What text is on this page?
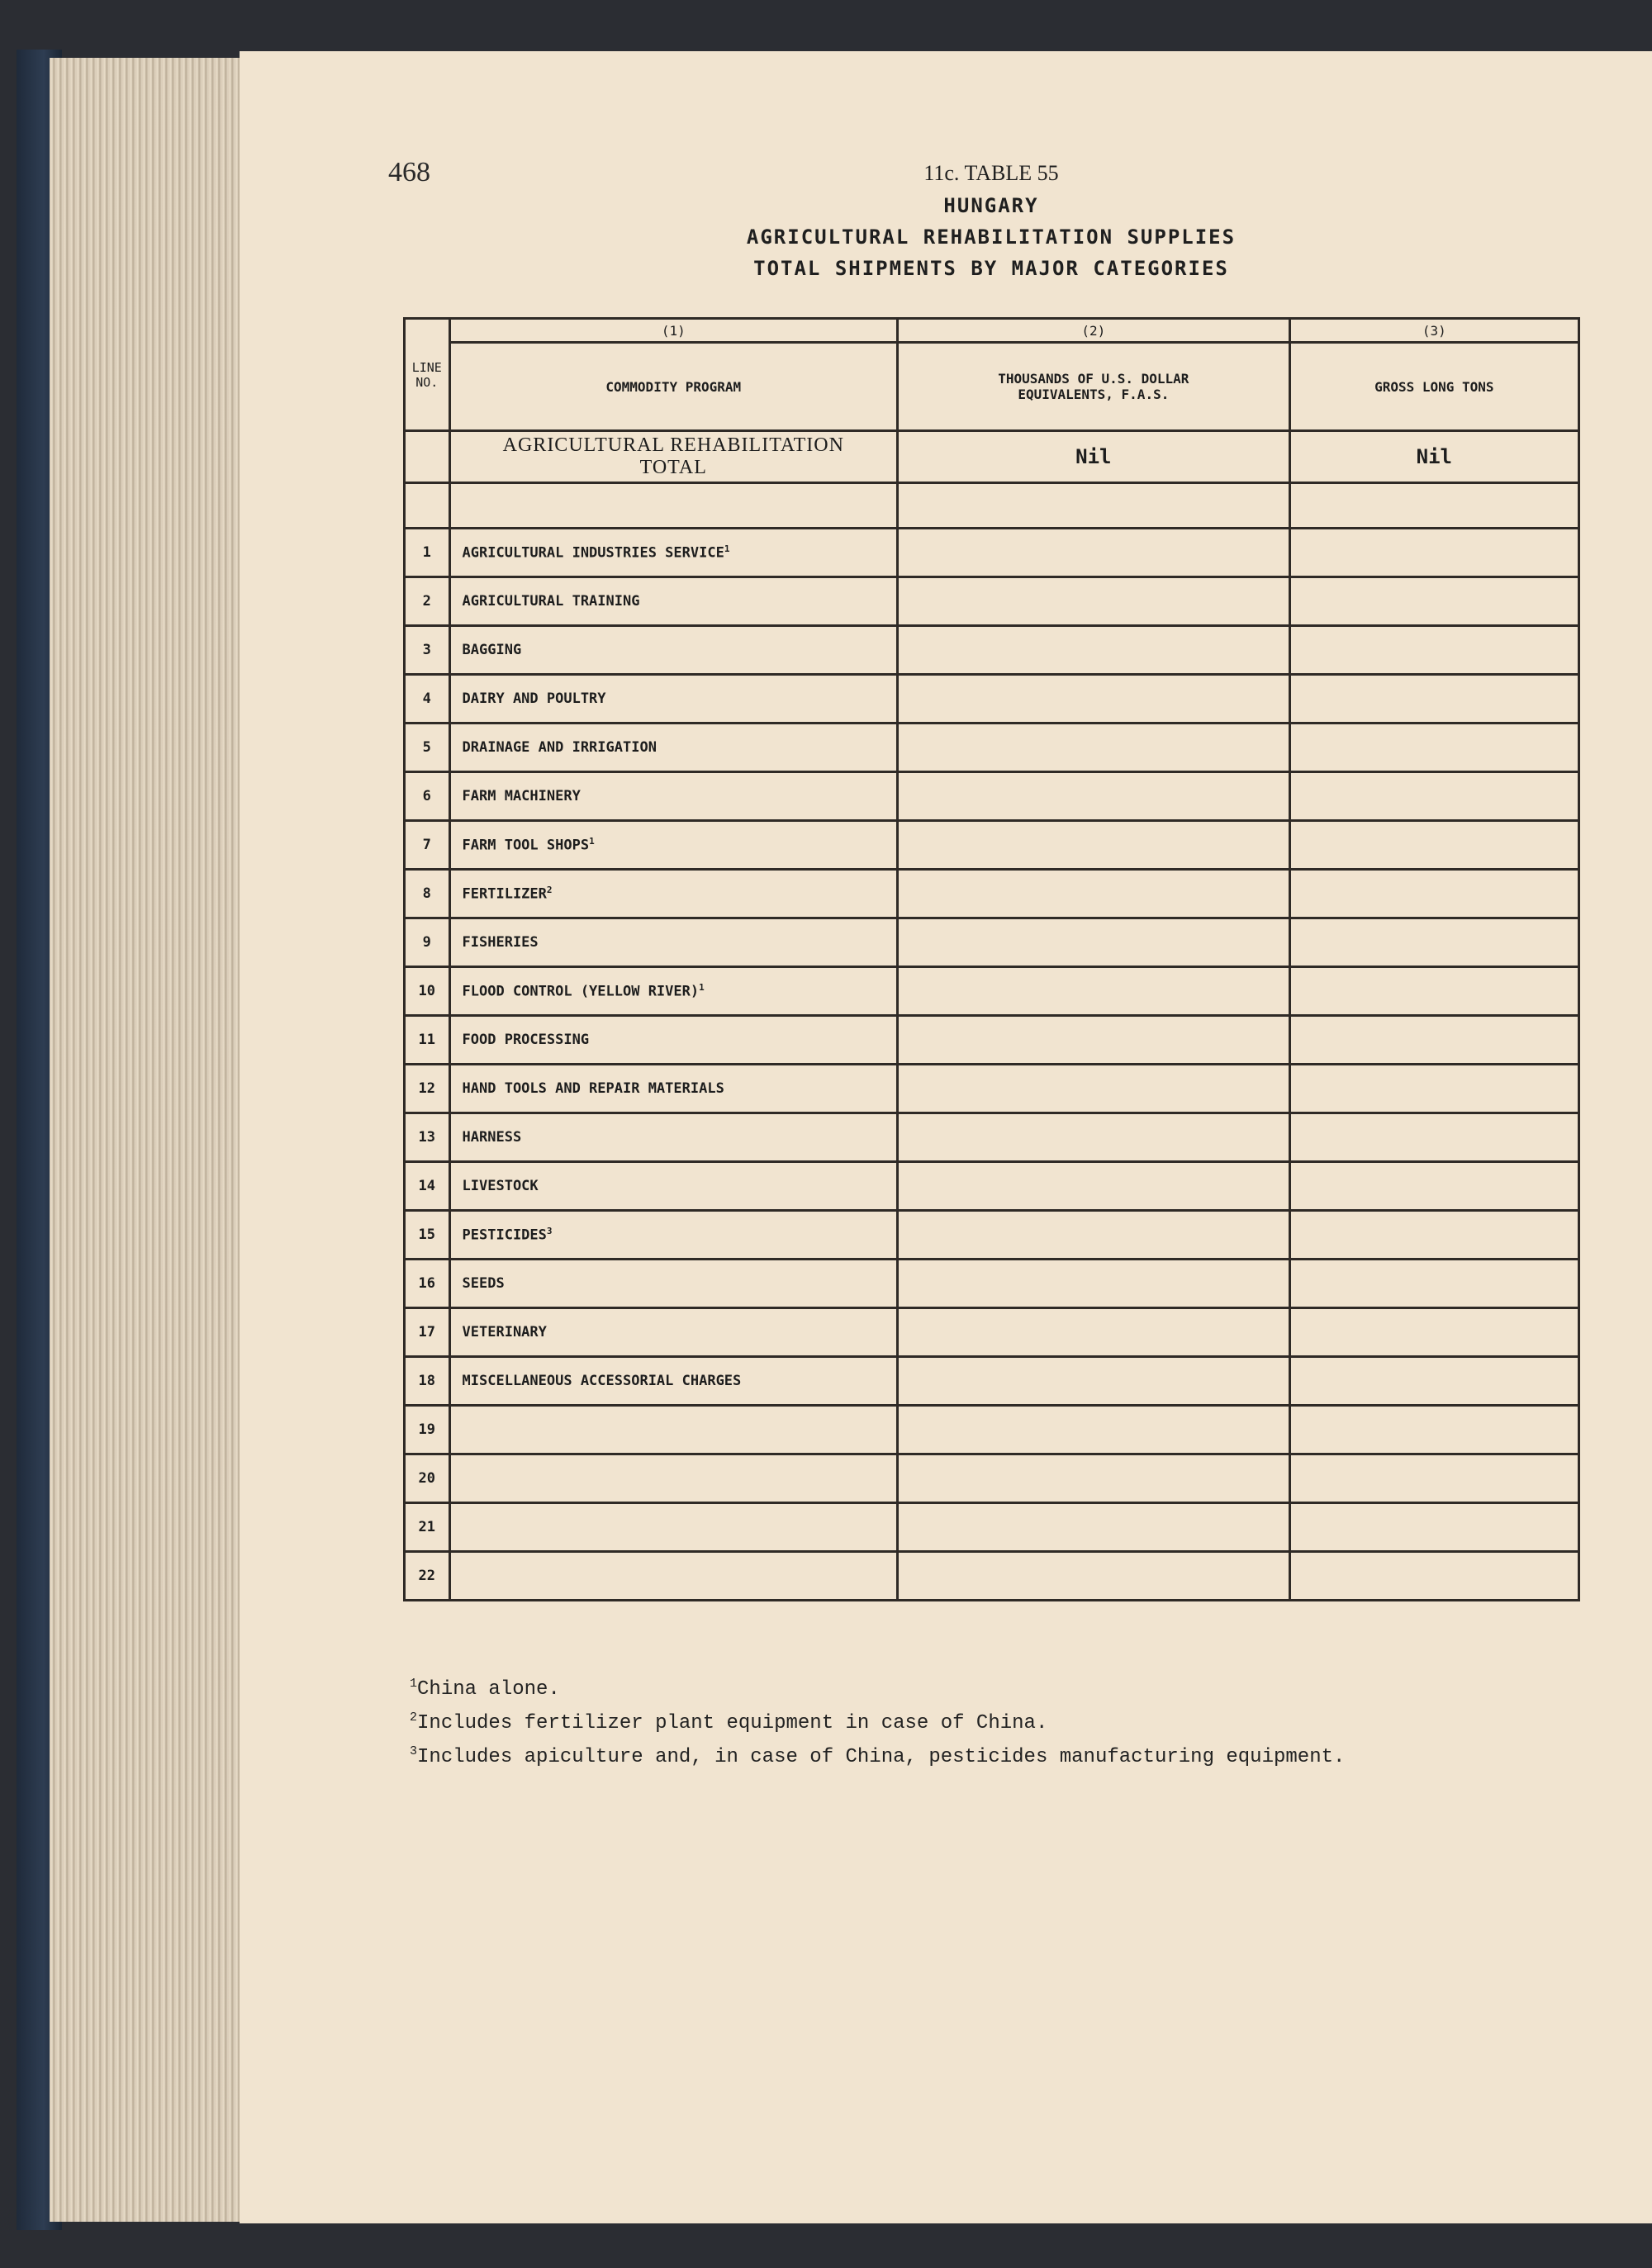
468	11c. TABLE 55
HUNGARY
AGRICULTURAL REHABILITATION SUPPLIES
TOTAL SHIPMENTS BY MAJOR CATEGORIES
LINE NO.	(1)	(2)	(3)
	COMMODITY PROGRAM	THOUSANDS OF U.S. DOLLAR EQUIVALENTS, F.A.S.	GROSS LONG TONS
	AGRICULTURAL REHABILITATION TOTAL	Nil	Nil

1	AGRICULTURAL INDUSTRIES SERVICE$^1$		
2	AGRICULTURAL TRAINING		
3	BAGGING		
4	DAIRY AND POULTRY		
5	DRAINAGE AND IRRIGATION		
6	FARM MACHINERY		
7	FARM TOOL SHOPS$^1$		
8	FERTILIZER$^2$		
9	FISHERIES		
10	FLOOD CONTROL (YELLOW RIVER)$^1$		
11	FOOD PROCESSING		
12	HAND TOOLS AND REPAIR MATERIALS		
13	HARNESS		
14	LIVESTOCK		
15	PESTICIDES$^3$		
16	SEEDS		
17	VETERINARY		
18	MISCELLANEOUS ACCESSORIAL CHARGES		
19			
20			
21			
22			
$^1$China alone.
$^2$Includes fertilizer plant equipment in case of China.
$^3$Includes apiculture and, in case of China, pesticides manufacturing equipment.
